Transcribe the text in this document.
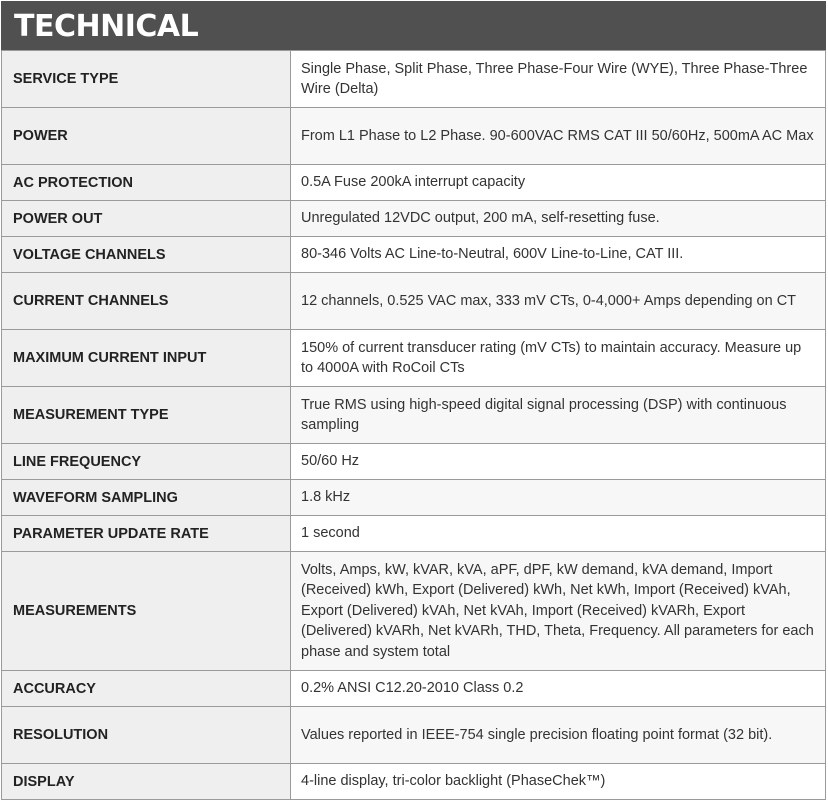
TECHNICAL
SERVICE TYPE	Single Phase, Split Phase, Three Phase-Four Wire (WYE), Three Phase-Three Wire (Delta)
POWER	From L1 Phase to L2 Phase. 90-600VAC RMS CAT III 50/60Hz, 500mA AC Max
AC PROTECTION	0.5A Fuse 200kA interrupt capacity
POWER OUT	Unregulated 12VDC output, 200 mA, self-resetting fuse.
VOLTAGE CHANNELS	80-346 Volts AC Line-to-Neutral, 600V Line-to-Line, CAT III.
CURRENT CHANNELS	12 channels, 0.525 VAC max, 333 mV CTs, 0-4,000+ Amps depending on CT
MAXIMUM CURRENT INPUT	150% of current transducer rating (mV CTs) to maintain accuracy. Measure up to 4000A with RoCoil CTs
MEASUREMENT TYPE	True RMS using high-speed digital signal processing (DSP) with continuous sampling
LINE FREQUENCY	50/60 Hz
WAVEFORM SAMPLING	1.8 kHz
PARAMETER UPDATE RATE	1 second
MEASUREMENTS	Volts, Amps, kW, kVAR, kVA, aPF, dPF, kW demand, kVA demand, Import (Received) kWh, Export (Delivered) kWh, Net kWh, Import (Received) kVAh, Export (Delivered) kVAh, Net kVAh, Import (Received) kVARh, Export (Delivered) kVARh, Net kVARh, THD, Theta, Frequency. All parameters for each phase and system total
ACCURACY	0.2% ANSI C12.20-2010 Class 0.2
RESOLUTION	Values reported in IEEE-754 single precision floating point format (32 bit).
DISPLAY	4-line display, tri-color backlight (PhaseChek™)
